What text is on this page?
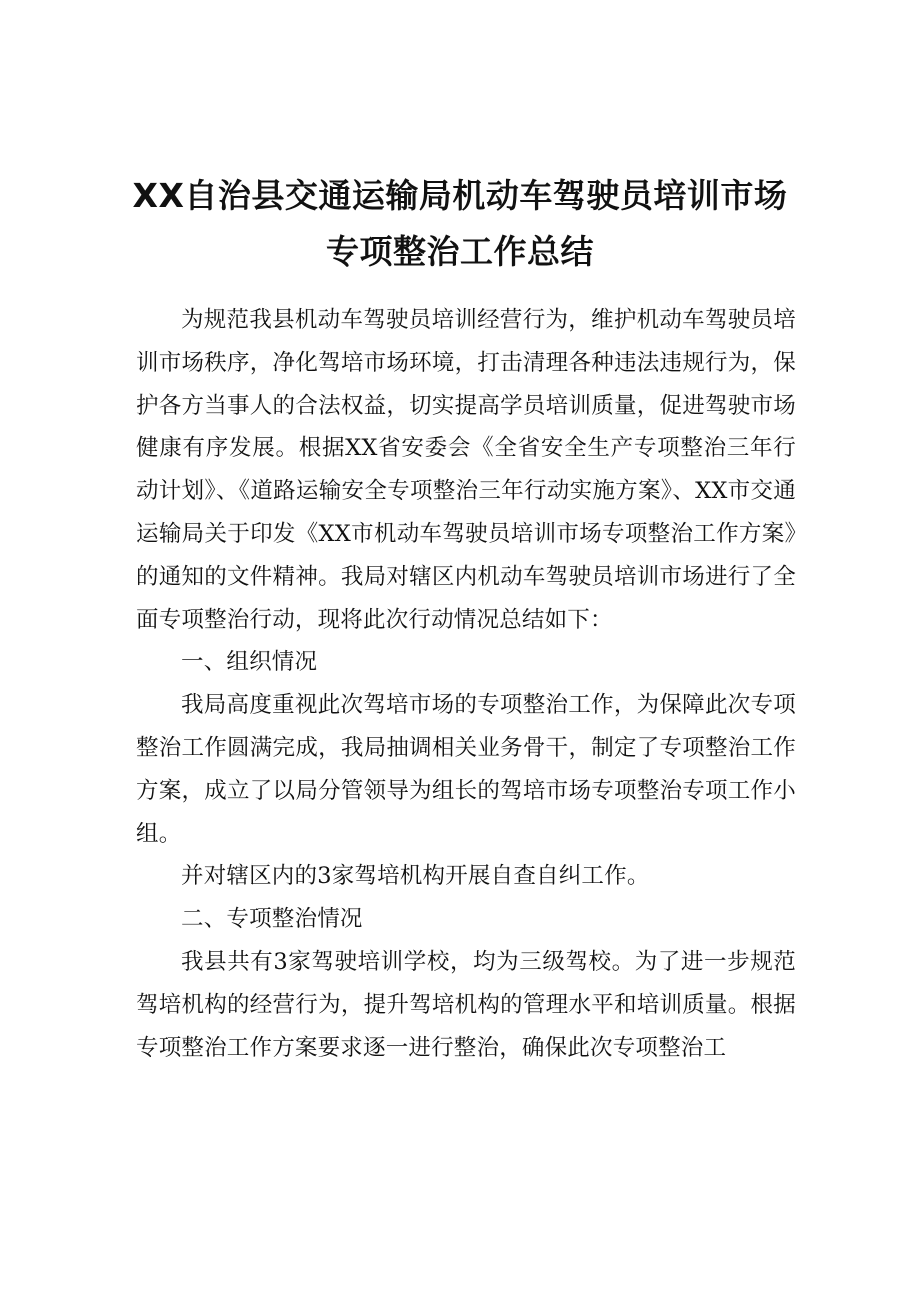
XX自治县交通运输局机动车驾驶员培训市场
专项整治工作总结

为规范我县机动车驾驶员培训经营行为，维护机动车驾驶员培训市场秩序，净化驾培市场环境，打击清理各种违法违规行为，保护各方当事人的合法权益，切实提高学员培训质量，促进驾驶市场健康有序发展。根据XX省安委会《全省安全生产专项整治三年行动计划》、《道路运输安全专项整治三年行动实施方案》、XX市交通运输局关于印发《XX市机动车驾驶员培训市场专项整治工作方案》的通知的文件精神。我局对辖区内机动车驾驶员培训市场进行了全面专项整治行动，现将此次行动情况总结如下：

一、组织情况

我局高度重视此次驾培市场的专项整治工作，为保障此次专项整治工作圆满完成，我局抽调相关业务骨干，制定了专项整治工作方案，成立了以局分管领导为组长的驾培市场专项整治专项工作小组。

并对辖区内的3家驾培机构开展自查自纠工作。

二、专项整治情况

我县共有3家驾驶培训学校，均为三级驾校。为了进一步规范驾培机构的经营行为，提升驾培机构的管理水平和培训质量。根据专项整治工作方案要求逐一进行整治，确保此次专项整治工
